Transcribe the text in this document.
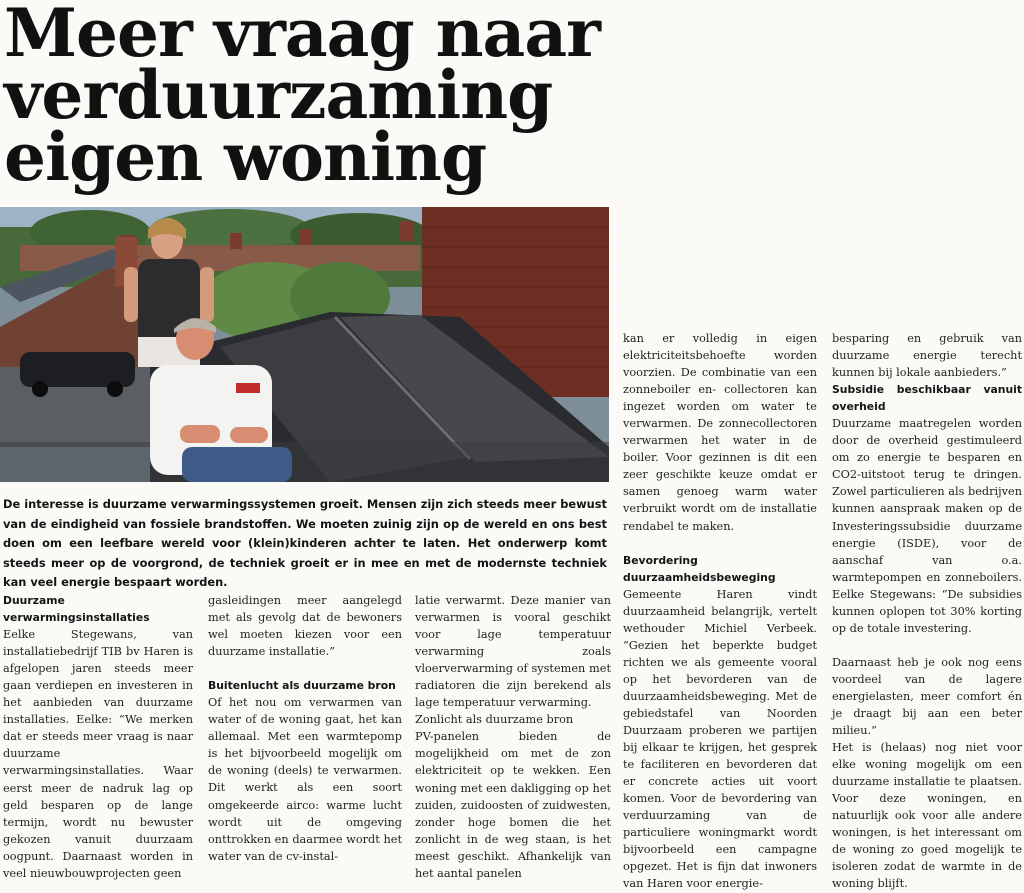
Meer vraag naar
verduurzaming
eigen woning

De interesse is duurzame verwarmingssystemen groeit. Mensen zijn zich steeds meer bewust van de eindigheid van fossiele brandstoffen. We moeten zuinig zijn op de wereld en ons best doen om een leefbare wereld voor (klein)kinderen achter te laten. Het onderwerp komt steeds meer op de voorgrond, de techniek groeit er in mee en met de modernste techniek kan veel energie bespaart worden.

Duurzame verwarmingsinstallaties

Eelke Stegewans, van installatiebedrijf TIB bv Haren is afgelopen jaren steeds meer gaan verdiepen en investeren in het aanbieden van duurzame installaties. Eelke: “We merken dat er steeds meer vraag is naar duurzame verwarmingsinstallaties. Waar eerst meer de nadruk lag op geld besparen op de lange termijn, wordt nu bewuster gekozen vanuit duurzaam oogpunt. Daarnaast worden in veel nieuwbouwprojecten geen

gasleidingen meer aangelegd met als gevolg dat de bewoners wel moeten kiezen voor een duurzame installatie.”

Buitenlucht als duurzame bron

Of het nou om verwarmen van water of de woning gaat, het kan allemaal. Met een warmtepomp is het bijvoorbeeld mogelijk om de woning (deels) te verwarmen. Dit werkt als een soort omgekeerde airco: warme lucht wordt uit de omgeving onttrokken en daarmee wordt het water van de cv-instal-

latie verwarmt. Deze manier van verwarmen is vooral geschikt voor lage temperatuur verwarming zoals vloerverwarming of systemen met radiatoren die zijn berekend als lage temperatuur verwarming.

Zonlicht als duurzame bron

PV-panelen bieden de mogelijkheid om met de zon elektriciteit op te wekken. Een woning met een dakligging op het zuiden, zuidoosten of zuidwesten, zonder hoge bomen die het zonlicht in de weg staan, is het meest geschikt. Afhankelijk van het aantal panelen

kan er volledig in eigen elektriciteitsbehoefte worden voorzien. De combinatie van een zonneboiler en- collectoren kan ingezet worden om water te verwarmen. De zonnecollectoren verwarmen het water in de boiler. Voor gezinnen is dit een zeer geschikte keuze omdat er samen genoeg warm water verbruikt wordt om de installatie rendabel te maken.

Bevordering duurzaamheidsbeweging

Gemeente Haren vindt duurzaamheid belangrijk, vertelt wethouder Michiel Verbeek. “Gezien het beperkte budget richten we als gemeente vooral op het bevorderen van de duurzaamheidsbeweging. Met de gebiedstafel van Noorden Duurzaam proberen we partijen bij elkaar te krijgen, het gesprek te faciliteren en bevorderen dat er concrete acties uit voort komen. Voor de bevordering van verduurzaming van de particuliere woningmarkt wordt bijvoorbeeld een campagne opgezet. Het is fijn dat inwoners van Haren voor energie-

besparing en gebruik van duurzame energie terecht kunnen bij lokale aanbieders.”

Subsidie beschikbaar vanuit overheid

Duurzame maatregelen worden door de overheid gestimuleerd om zo energie te besparen en CO2-uitstoot terug te dringen. Zowel particulieren als bedrijven kunnen aanspraak maken op de Investeringssubsidie duurzame energie (ISDE), voor de aanschaf van o.a. warmtepompen en zonneboilers. Eelke Stegewans: “De subsidies kunnen oplopen tot 30% korting op de totale investering.

Daarnaast heb je ook nog eens voordeel van de lagere energielasten, meer comfort én je draagt bij aan een beter milieu.”

Het is (helaas) nog niet voor elke woning mogelijk om een duurzame installatie te plaatsen. Voor deze woningen, en natuurlijk ook voor alle andere woningen, is het interessant om de woning zo goed mogelijk te isoleren zodat de warmte in de woning blijft.
